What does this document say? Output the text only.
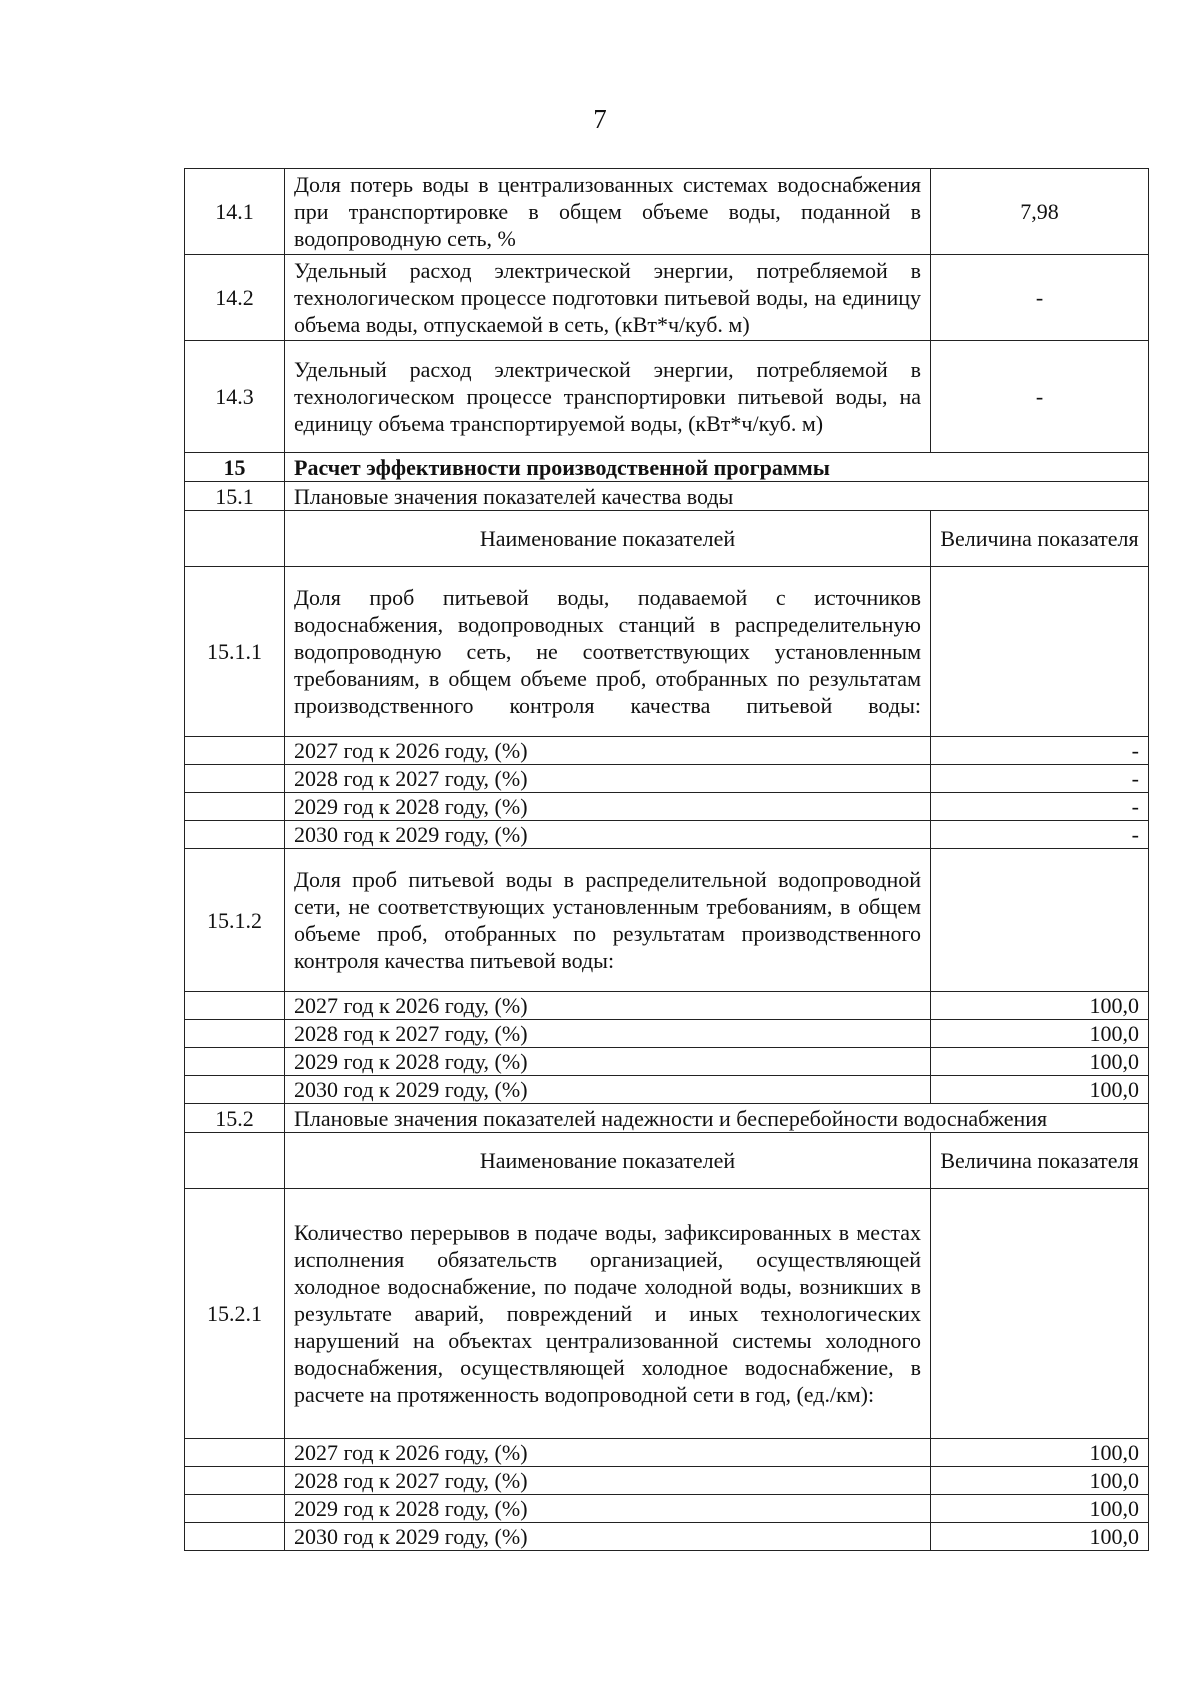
7
14.1	Доля потерь воды в централизованных системах водоснабжения при транспортировке в общем объеме воды, поданной в водопроводную сеть, %	7,98
14.2	Удельный расход электрической энергии, потребляемой в технологическом процессе подготовки питьевой воды, на единицу объема воды, отпускаемой в сеть, (кВт*ч/куб. м)	-
14.3	Удельный расход электрической энергии, потребляемой в технологическом процессе транспортировки питьевой воды, на единицу объема транспортируемой воды, (кВт*ч/куб. м)	-
15	Расчет эффективности производственной программы	
15.1	Плановые значения показателей качества воды	
	Наименование показателей	Величина показателя
15.1.1	Доля проб питьевой воды, подаваемой с источников водоснабжения, водопроводных станций в распределительную водопроводную сеть, не соответствующих установленным требованиям, в общем объеме проб, отобранных по результатам производственного контроля качества питьевой воды:	
	2027 год к 2026 году, (%)	-
	2028 год к 2027 году, (%)	-
	2029 год к 2028 году, (%)	-
	2030 год к 2029 году, (%)	-
15.1.2	Доля проб питьевой воды в распределительной водопроводной сети, не соответствующих установленным требованиям, в общем объеме проб, отобранных по результатам производственного контроля качества питьевой воды:	
	2027 год к 2026 году, (%)	100,0
	2028 год к 2027 году, (%)	100,0
	2029 год к 2028 году, (%)	100,0
	2030 год к 2029 году, (%)	100,0
15.2	Плановые значения показателей надежности и бесперебойности водоснабжения	
	Наименование показателей	Величина показателя
15.2.1	Количество перерывов в подаче воды, зафиксированных в местах исполнения обязательств организацией, осуществляющей холодное водоснабжение, по подаче холодной воды, возникших в результате аварий, повреждений и иных технологических нарушений на объектах централизованной системы холодного водоснабжения, осуществляющей холодное водоснабжение, в расчете на протяженность водопроводной сети в год, (ед./км):	
	2027 год к 2026 году, (%)	100,0
	2028 год к 2027 году, (%)	100,0
	2029 год к 2028 году, (%)	100,0
	2030 год к 2029 году, (%)	100,0
